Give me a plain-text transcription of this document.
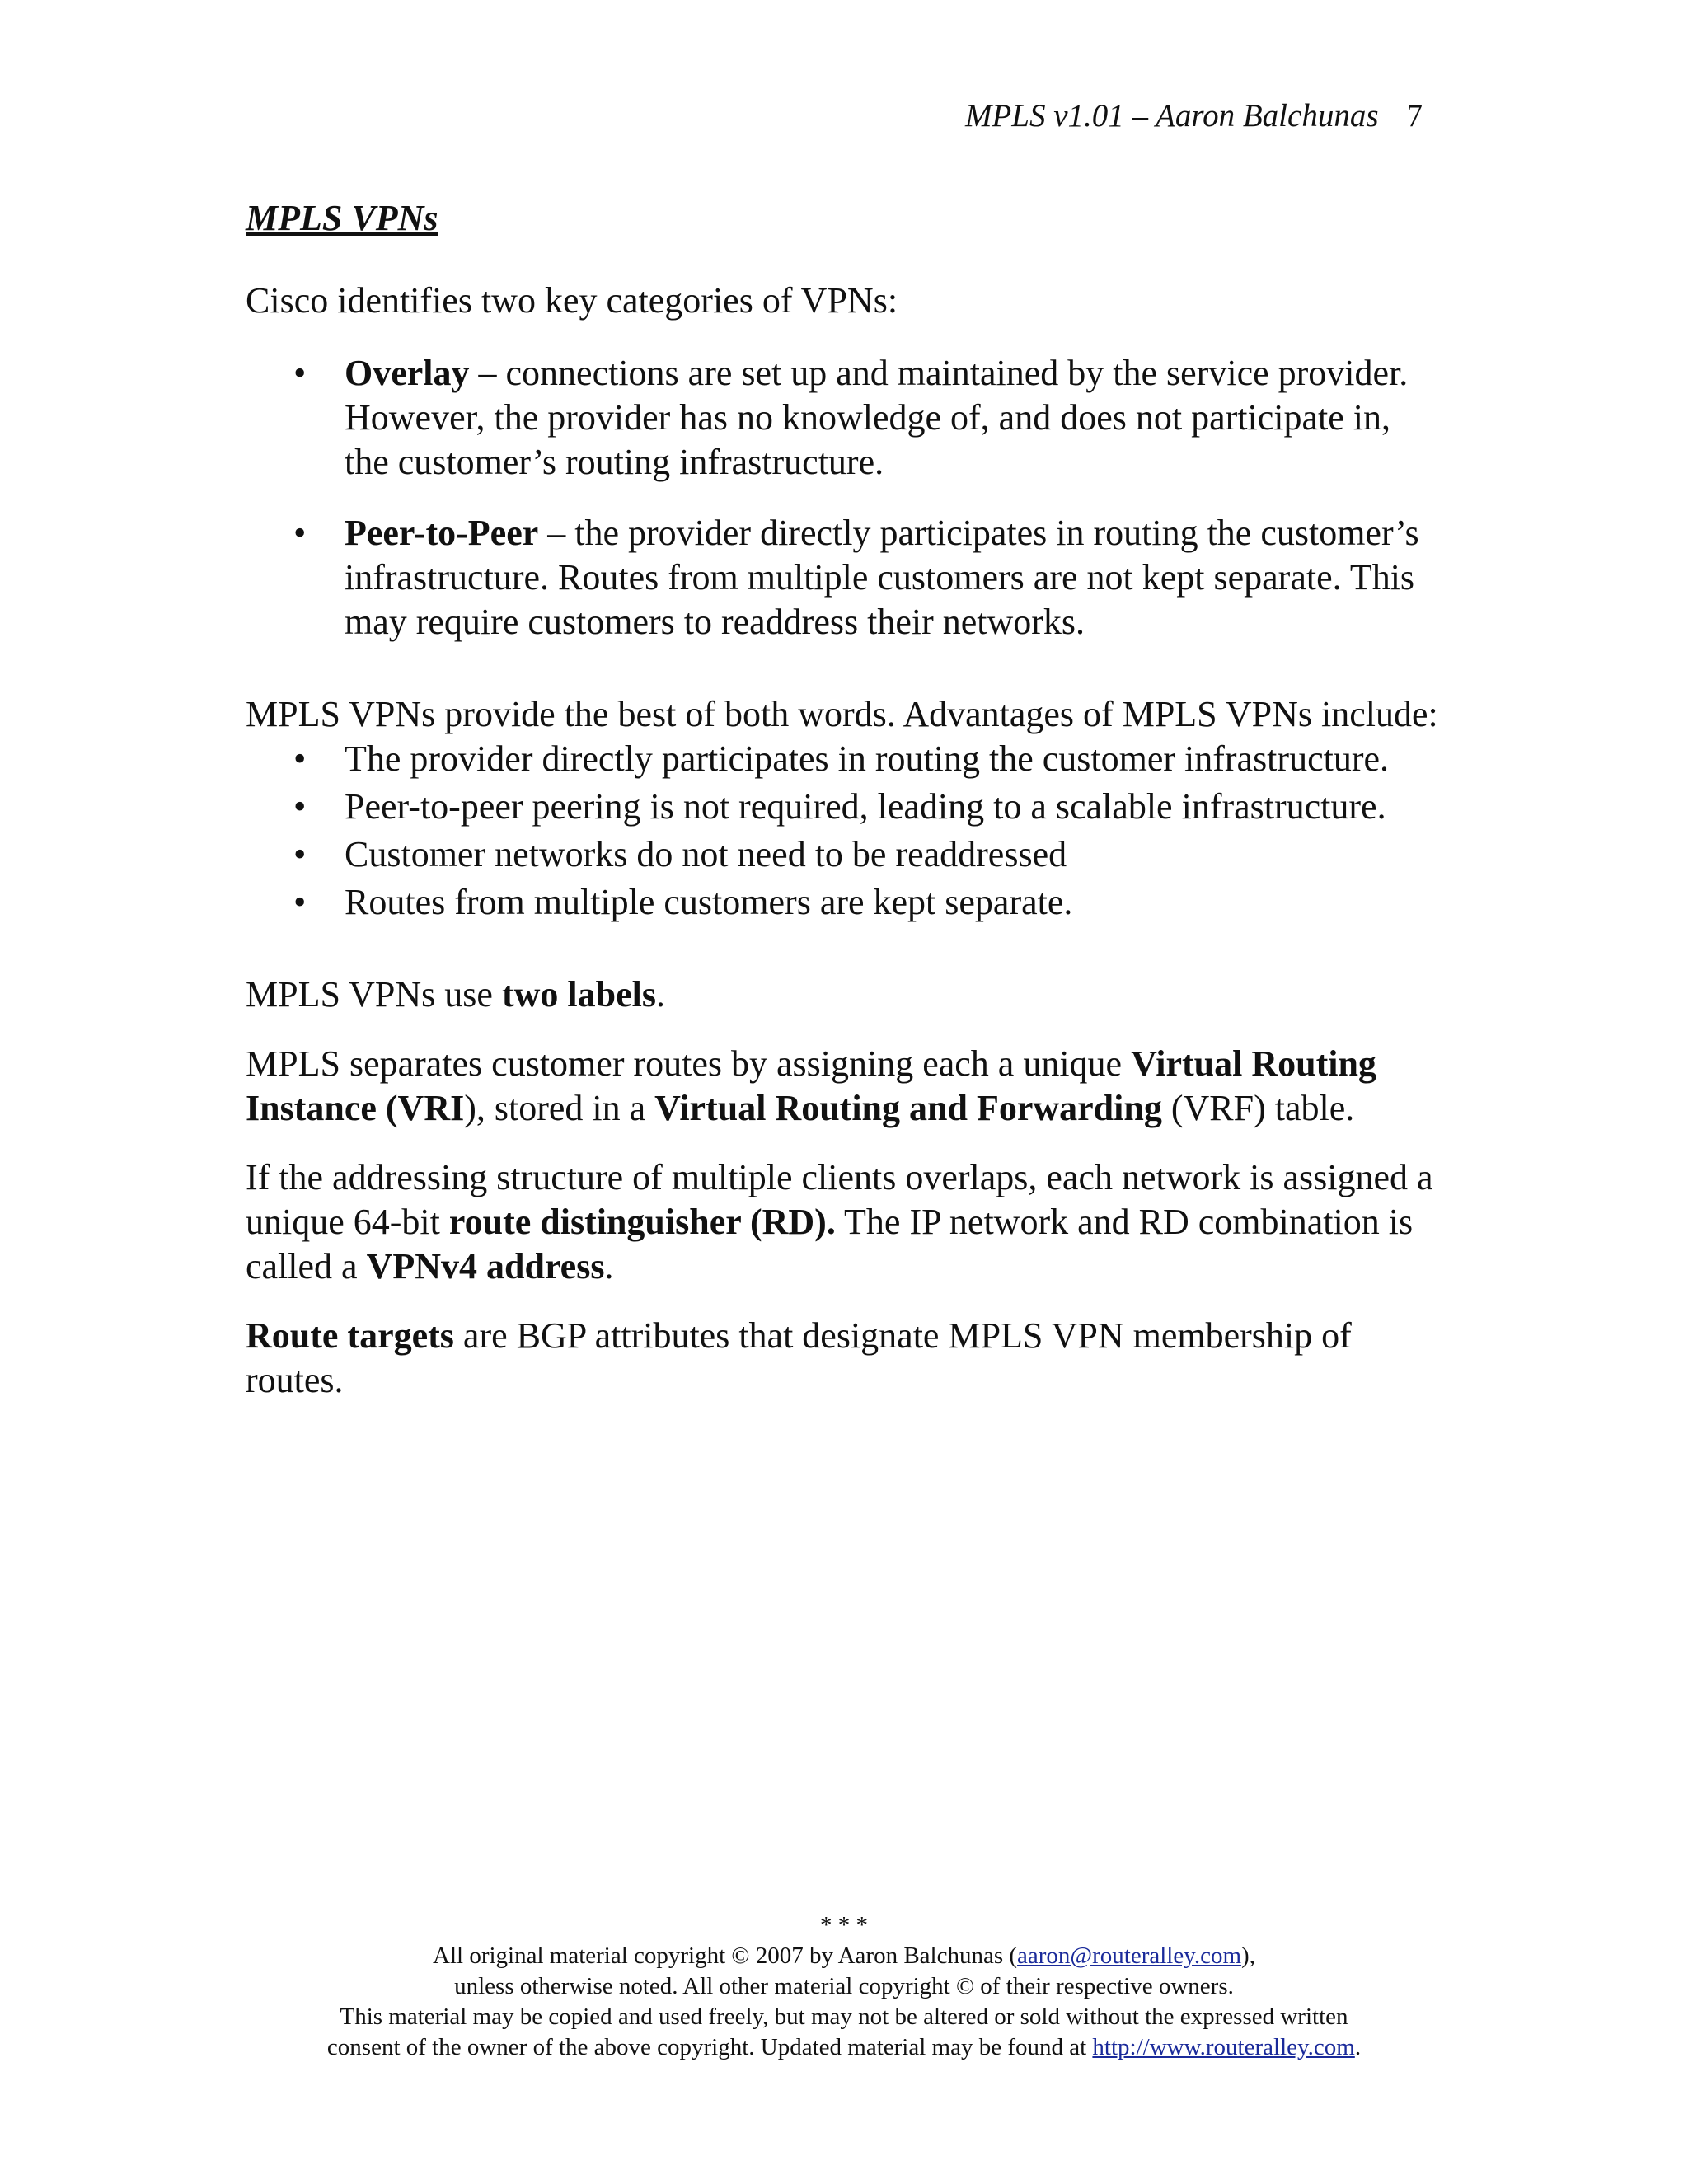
MPLS v1.01 – Aaron Balchunas 7
MPLS VPNs

Cisco identifies two key categories of VPNs:

• Overlay – connections are set up and maintained by the service provider. However, the provider has no knowledge of, and does not participate in, the customer’s routing infrastructure.
• Peer-to-Peer – the provider directly participates in routing the customer’s infrastructure. Routes from multiple customers are not kept separate. This may require customers to readdress their networks.

MPLS VPNs provide the best of both words. Advantages of MPLS VPNs include:

• The provider directly participates in routing the customer infrastructure.
• Peer-to-peer peering is not required, leading to a scalable infrastructure.
• Customer networks do not need to be readdressed
• Routes from multiple customers are kept separate.

MPLS VPNs use two labels.

MPLS separates customer routes by assigning each a unique Virtual Routing Instance (VRI), stored in a Virtual Routing and Forwarding (VRF) table.

If the addressing structure of multiple clients overlaps, each network is assigned a unique 64-bit route distinguisher (RD). The IP network and RD combination is called a VPNv4 address.

Route targets are BGP attributes that designate MPLS VPN membership of routes.

* * *
All original material copyright © 2007 by Aaron Balchunas (aaron@routeralley.com),
unless otherwise noted. All other material copyright © of their respective owners.
This material may be copied and used freely, but may not be altered or sold without the expressed written
consent of the owner of the above copyright. Updated material may be found at http://www.routeralley.com.
